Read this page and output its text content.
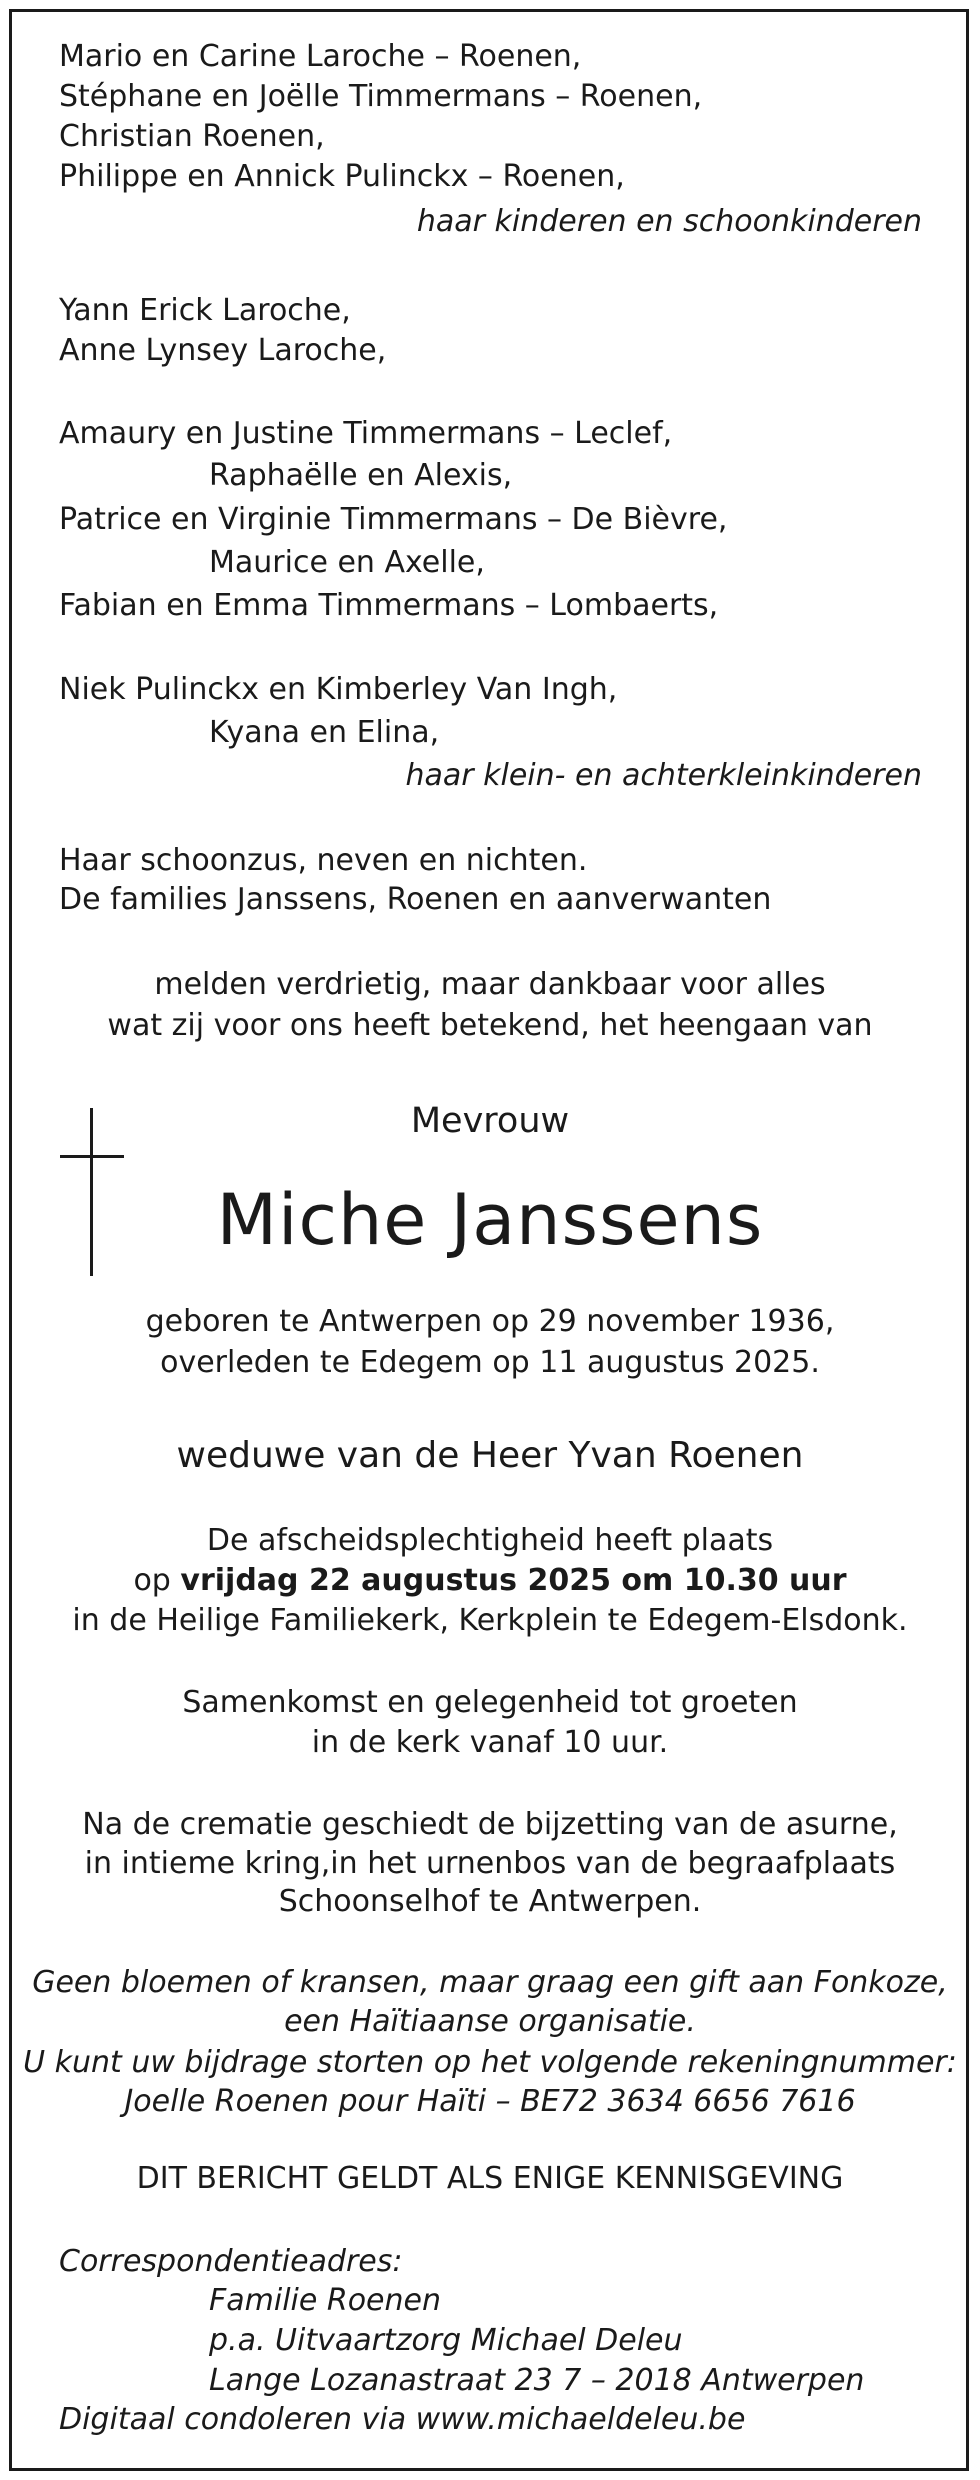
Mario en Carine Laroche – Roenen,
Stéphane en Joëlle Timmermans – Roenen,
Christian Roenen,
Philippe en Annick Pulinckx – Roenen,
haar kinderen en schoonkinderen
Yann Erick Laroche,
Anne Lynsey Laroche,
Amaury en Justine Timmermans – Leclef,
Raphaëlle en Alexis,
Patrice en Virginie Timmermans – De Bièvre,
Maurice en Axelle,
Fabian en Emma Timmermans – Lombaerts,
Niek Pulinckx en Kimberley Van Ingh,
Kyana en Elina,
haar klein- en achterkleinkinderen
Haar schoonzus, neven en nichten.
De families Janssens, Roenen en aanverwanten
melden verdrietig, maar dankbaar voor alles
wat zij voor ons heeft betekend, het heengaan van
Mevrouw
Miche Janssens
geboren te Antwerpen op 29 november 1936,
overleden te Edegem op 11 augustus 2025.
weduwe van de Heer Yvan Roenen
De afscheidsplechtigheid heeft plaats
op vrijdag 22 augustus 2025 om 10.30 uur
in de Heilige Familiekerk, Kerkplein te Edegem-Elsdonk.
Samenkomst en gelegenheid tot groeten
in de kerk vanaf 10 uur.
Na de crematie geschiedt de bijzetting van de asurne,
in intieme kring,in het urnenbos van de begraafplaats
Schoonselhof te Antwerpen.
Geen bloemen of kransen, maar graag een gift aan Fonkoze,
een Haïtiaanse organisatie.
U kunt uw bijdrage storten op het volgende rekeningnummer:
Joelle Roenen pour Haïti – BE72 3634 6656 7616
DIT BERICHT GELDT ALS ENIGE KENNISGEVING
Correspondentieadres:
Familie Roenen
p.a. Uitvaartzorg Michael Deleu
Lange Lozanastraat 23 7 – 2018 Antwerpen
Digitaal condoleren via www.michaeldeleu.be
